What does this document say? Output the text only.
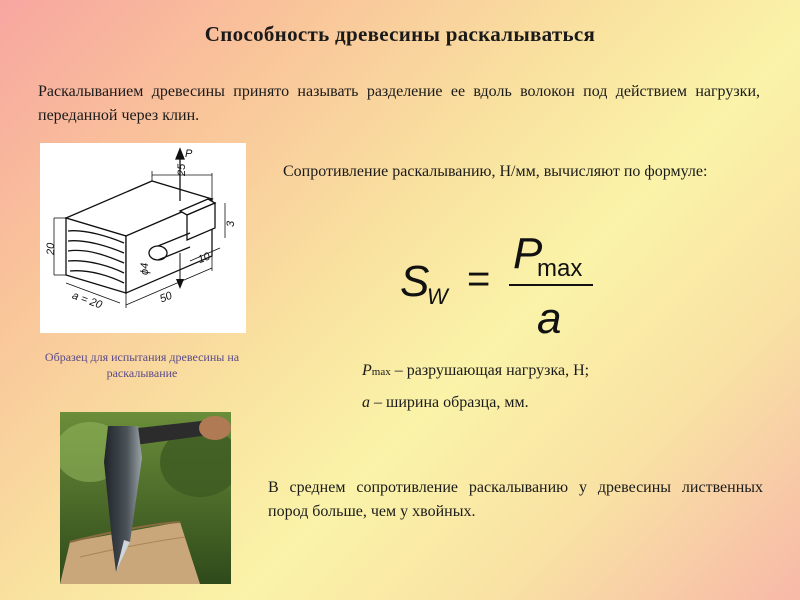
Способность древесины раскалываться
Раскалыванием древесины принято называть разделение ее вдоль волокон под действием нагрузки, переданной через клин.
P
25
20
ϕ4
3
10
50
a = 20
Образец для испытания древесины на раскалывание
Сопротивление раскалыванию, Н/мм, вычисляют по формуле:
S
W =
P
max
a
Pmax – разрушающая нагрузка, Н;
a – ширина образца, мм.
В среднем сопротивление раскалыванию у древесины лиственных пород больше, чем у хвойных.
